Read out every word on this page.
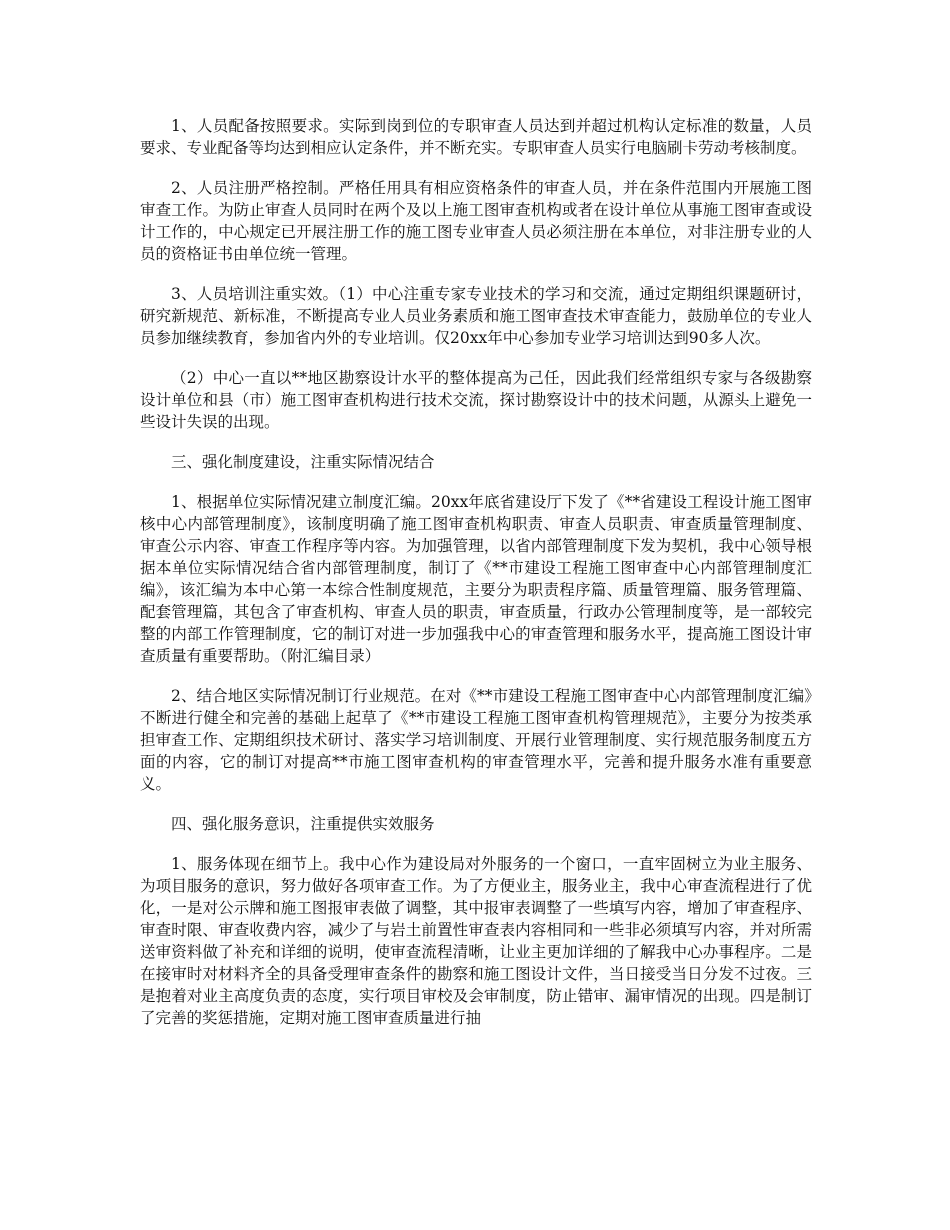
1、人员配备按照要求。实际到岗到位的专职审查人员达到并超过机构认定标准的数量，人员要求、专业配备等均达到相应认定条件，并不断充实。专职审查人员实行电脑刷卡劳动考核制度。

2、人员注册严格控制。严格任用具有相应资格条件的审查人员，并在条件范围内开展施工图审查工作。为防止审查人员同时在两个及以上施工图审查机构或者在设计单位从事施工图审查或设计工作的，中心规定已开展注册工作的施工图专业审查人员必须注册在本单位，对非注册专业的人员的资格证书由单位统一管理。

3、人员培训注重实效。（1）中心注重专家专业技术的学习和交流，通过定期组织课题研讨，研究新规范、新标准，不断提高专业人员业务素质和施工图审查技术审查能力，鼓励单位的专业人员参加继续教育，参加省内外的专业培训。仅20xx年中心参加专业学习培训达到90多人次。

（2）中心一直以**地区勘察设计水平的整体提高为己任，因此我们经常组织专家与各级勘察设计单位和县（市）施工图审查机构进行技术交流，探讨勘察设计中的技术问题，从源头上避免一些设计失误的出现。

三、强化制度建设，注重实际情况结合

1、根据单位实际情况建立制度汇编。20xx年底省建设厅下发了《**省建设工程设计施工图审核中心内部管理制度》，该制度明确了施工图审查机构职责、审查人员职责、审查质量管理制度、审查公示内容、审查工作程序等内容。为加强管理，以省内部管理制度下发为契机，我中心领导根据本单位实际情况结合省内部管理制度，制订了《**市建设工程施工图审查中心内部管理制度汇编》，该汇编为本中心第一本综合性制度规范，主要分为职责程序篇、质量管理篇、服务管理篇、配套管理篇，其包含了审查机构、审查人员的职责，审查质量，行政办公管理制度等，是一部较完整的内部工作管理制度，它的制订对进一步加强我中心的审查管理和服务水平，提高施工图设计审查质量有重要帮助。（附汇编目录）

2、结合地区实际情况制订行业规范。在对《**市建设工程施工图审查中心内部管理制度汇编》不断进行健全和完善的基础上起草了《**市建设工程施工图审查机构管理规范》，主要分为按类承担审查工作、定期组织技术研讨、落实学习培训制度、开展行业管理制度、实行规范服务制度五方面的内容，它的制订对提高**市施工图审查机构的审查管理水平，完善和提升服务水准有重要意义。

四、强化服务意识，注重提供实效服务

1、服务体现在细节上。我中心作为建设局对外服务的一个窗口，一直牢固树立为业主服务、为项目服务的意识，努力做好各项审查工作。为了方便业主，服务业主，我中心审查流程进行了优化，一是对公示牌和施工图报审表做了调整，其中报审表调整了一些填写内容，增加了审查程序、审查时限、审查收费内容，减少了与岩土前置性审查表内容相同和一些非必须填写内容，并对所需送审资料做了补充和详细的说明，使审查流程清晰，让业主更加详细的了解我中心办事程序。二是在接审时对材料齐全的具备受理审查条件的勘察和施工图设计文件，当日接受当日分发不过夜。三是抱着对业主高度负责的态度，实行项目审校及会审制度，防止错审、漏审情况的出现。四是制订了完善的奖惩措施，定期对施工图审查质量进行抽
